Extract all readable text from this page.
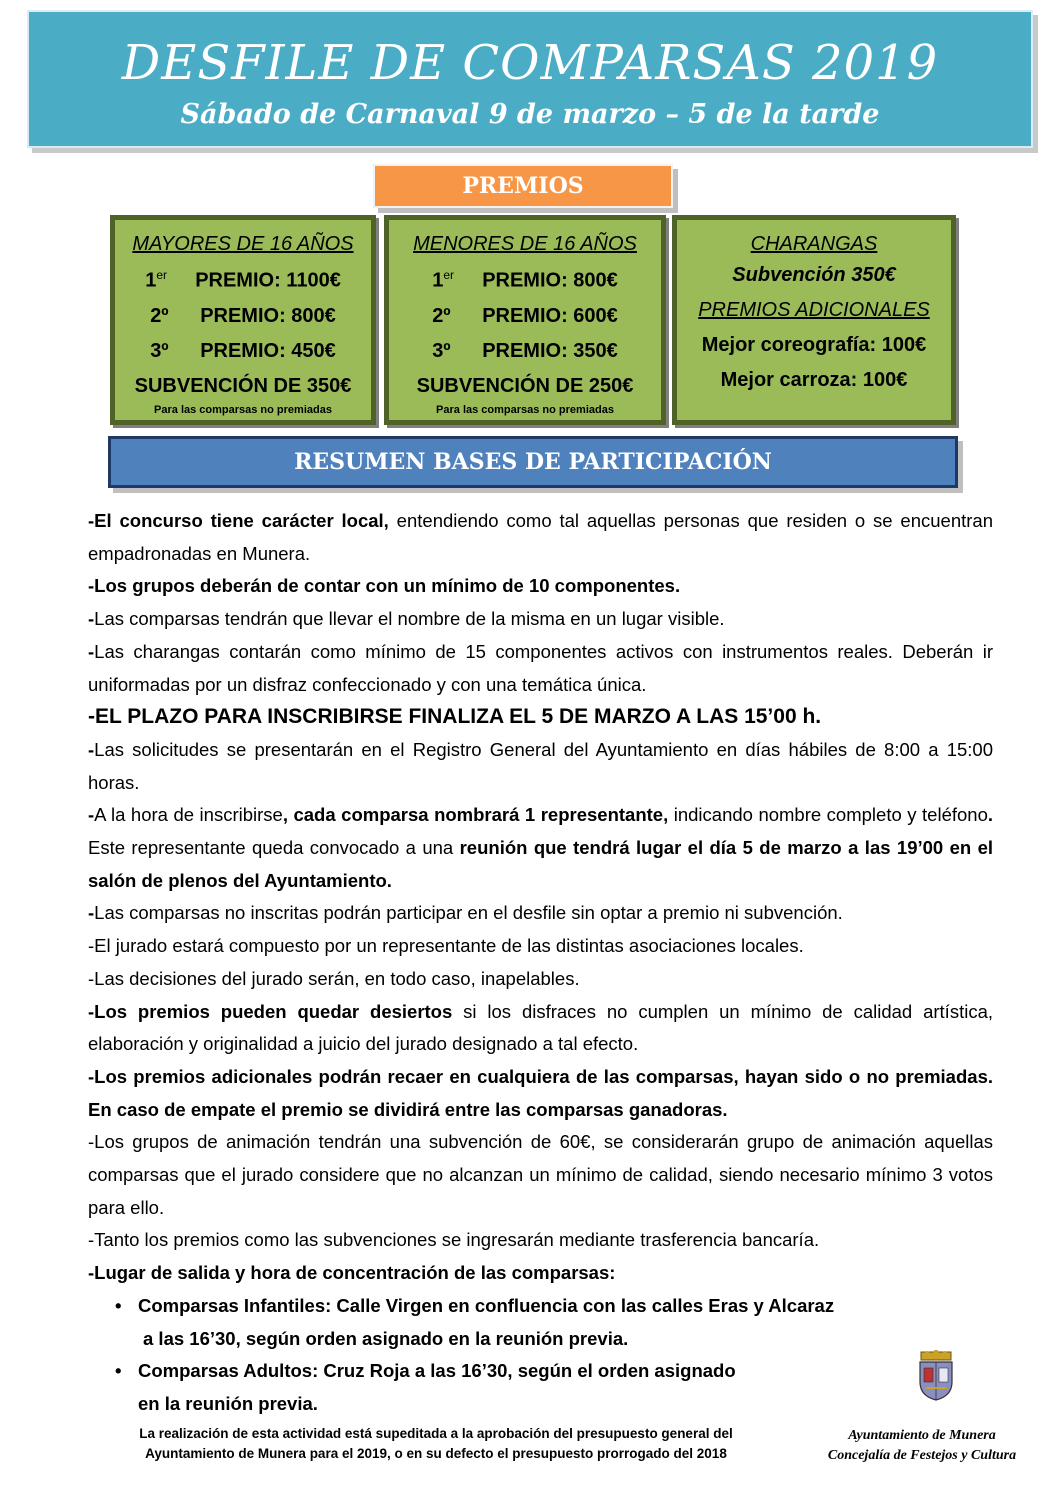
DESFILE DE COMPARSAS 2019
Sábado de Carnaval 9 de marzo – 5 de la tarde
PREMIOS
MAYORES DE 16 AÑOS
1er PREMIO: 1100€
2º PREMIO: 800€
3º PREMIO: 450€
SUBVENCIÓN DE 350€
Para las comparsas no premiadas
MENORES DE 16 AÑOS
1er PREMIO: 800€
2º PREMIO: 600€
3º PREMIO: 350€
SUBVENCIÓN DE 250€
Para las comparsas no premiadas
CHARANGAS
Subvención 350€
PREMIOS ADICIONALES
Mejor coreografía: 100€
Mejor carroza: 100€
RESUMEN BASES DE PARTICIPACIÓN

-El concurso tiene carácter local, entendiendo como tal aquellas personas que residen o se encuentran empadronadas en Munera.

-Los grupos deberán de contar con un mínimo de 10 componentes.

-Las comparsas tendrán que llevar el nombre de la misma en un lugar visible.

-Las charangas contarán como mínimo de 15 componentes activos con instrumentos reales. Deberán ir uniformadas por un disfraz confeccionado y con una temática única.

-EL PLAZO PARA INSCRIBIRSE FINALIZA EL 5 DE MARZO A LAS 15’00 h.

-Las solicitudes se presentarán en el Registro General del Ayuntamiento en días hábiles de 8:00 a 15:00 horas.

-A la hora de inscribirse, cada comparsa nombrará 1 representante, indicando nombre completo y teléfono. Este representante queda convocado a una reunión que tendrá lugar el día 5 de marzo a las 19’00 en el salón de plenos del Ayuntamiento.

-Las comparsas no inscritas podrán participar en el desfile sin optar a premio ni subvención.

-El jurado estará compuesto por un representante de las distintas asociaciones locales.

-Las decisiones del jurado serán, en todo caso, inapelables.

-Los premios pueden quedar desiertos si los disfraces no cumplen un mínimo de calidad artística, elaboración y originalidad a juicio del jurado designado a tal efecto.

-Los premios adicionales podrán recaer en cualquiera de las comparsas, hayan sido o no premiadas. En caso de empate el premio se dividirá entre las comparsas ganadoras.

-Los grupos de animación tendrán una subvención de 60€, se considerarán grupo de animación aquellas comparsas que el jurado considere que no alcanzan un mínimo de calidad, siendo necesario mínimo 3 votos para ello.

-Tanto los premios como las subvenciones se ingresarán mediante trasferencia bancaría.

-Lugar de salida y hora de concentración de las comparsas:

• Comparsas Infantiles: Calle Virgen en confluencia con las calles Eras y Alcaraz
a las 16’30, según orden asignado en la reunión previa.
• Comparsas Adultos: Cruz Roja a las 16’30, según el orden asignado
en la reunión previa.
La realización de esta actividad está supeditada a la aprobación del presupuesto general del
Ayuntamiento de Munera para el 2019, o en su defecto el presupuesto prorrogado del 2018
Ayuntamiento de Munera
Concejalía de Festejos y Cultura
